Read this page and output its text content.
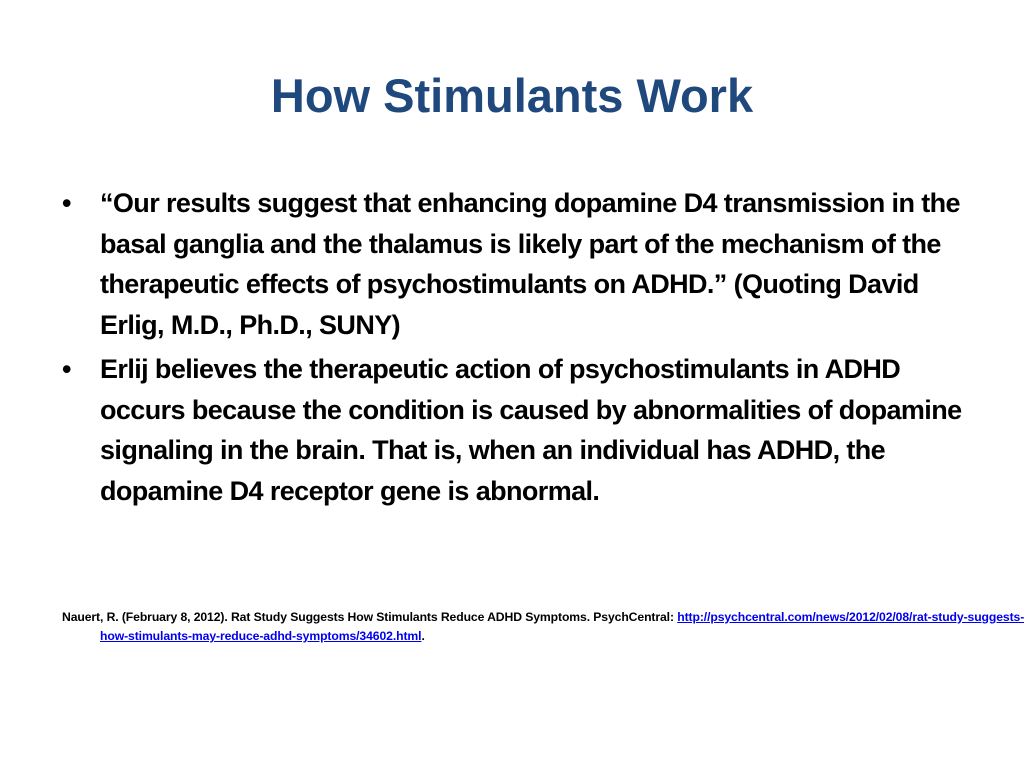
How Stimulants Work
• “Our results suggest that enhancing dopamine D4 transmission in the basal ganglia and the thalamus is likely part of the mechanism of the therapeutic effects of psychostimulants on ADHD.” (Quoting David Erlig, M.D., Ph.D., SUNY)
• Erlij believes the therapeutic action of psychostimulants in ADHD occurs because the condition is caused by abnormalities of dopamine signaling in the brain. That is, when an individual has ADHD, the dopamine D4 receptor gene is abnormal.
Nauert, R. (February 8, 2012). Rat Study Suggests How Stimulants Reduce ADHD Symptoms. PsychCentral: http://psychcentral.com/news/2012/02/08/rat-study-suggests-how-stimulants-may-reduce-adhd-symptoms/34602.html.
